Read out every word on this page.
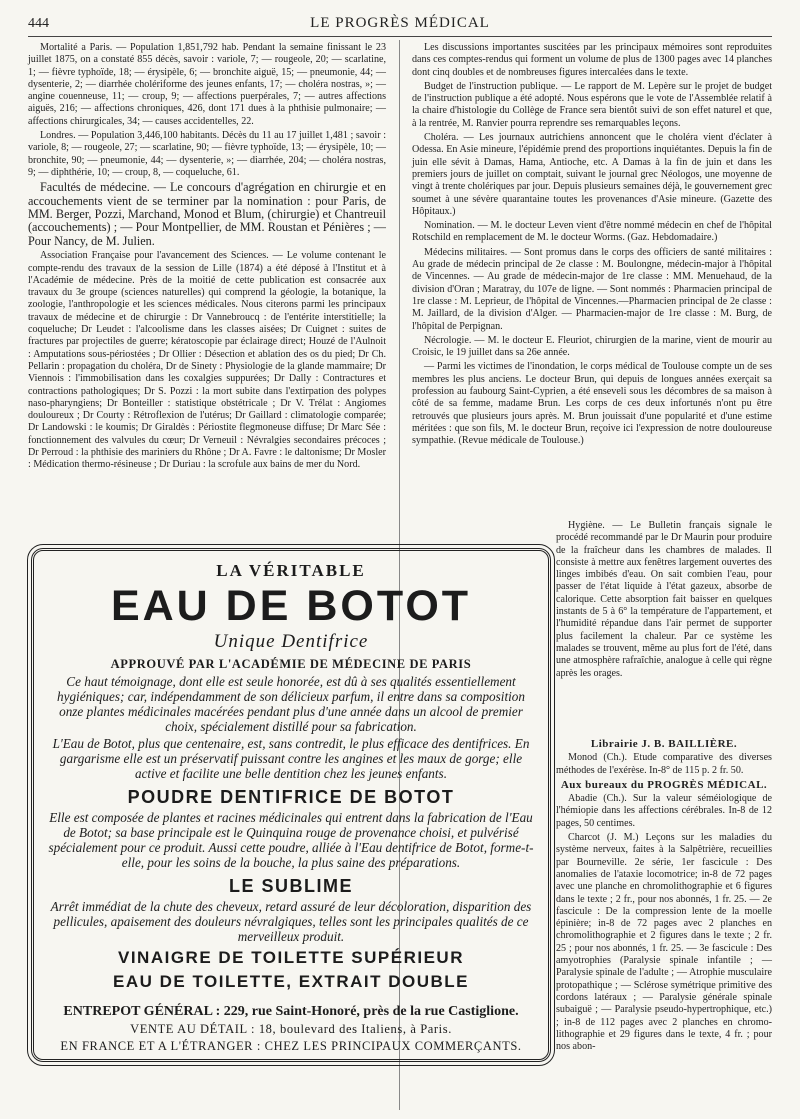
444	LE PROGRÈS MÉDICAL

Mortalité a Paris. — Population 1,851,792 hab. Pendant la semaine finissant le 23 juillet 1875, on a constaté 855 décès, savoir : variole, 7; — rougeole, 20; — scarlatine, 1; — fièvre typhoïde, 18; — érysipèle, 6; — bronchite aiguë, 15; — pneumonie, 44; — dysenterie, 2; — diarrhée cholériforme des jeunes enfants, 17; — choléra nostras, »; — angine couenneuse, 11; — croup, 9; — affections puerpérales, 7; — autres affections aiguës, 216; — affections chroniques, 426, dont 171 dues à la phthisie pulmonaire; — affections chirurgicales, 34; — causes accidentelles, 22.

Londres. — Population 3,446,100 habitants. Décès du 11 au 17 juillet 1,481 ; savoir : variole, 8; — rougeole, 27; — scarlatine, 90; — fièvre typhoïde, 13; — érysipèle, 10; — bronchite, 90; — pneumonie, 44; — dysenterie, »; — diarrhée, 204; — choléra nostras, 9; — diphthérie, 10; — croup, 8, — coqueluche, 61.

Facultés de médecine. — Le concours d'agrégation en chirurgie et en accouchements vient de se terminer par la nomination : pour Paris, de MM. Berger, Pozzi, Marchand, Monod et Blum, (chirurgie) et Chantreuil (accouchements) ; — Pour Montpellier, de MM. Roustan et Pénières ; — Pour Nancy, de M. Julien.

Association Française pour l'avancement des Sciences. — Le volume contenant le compte-rendu des travaux de la session de Lille (1874) a été déposé à l'Institut et à l'Académie de médecine. Près de la moitié de cette publication est consacrée aux travaux du 3e groupe (sciences naturelles) qui comprend la géologie, la botanique, la zoologie, l'anthropologie et les sciences médicales. Nous citerons parmi les principaux travaux de médecine et de chirurgie : Dr Vannebroucq : de l'entérite interstitielle; la coqueluche; Dr Leudet : l'alcoolisme dans les classes aisées; Dr Cuignet : suites de fractures par projectiles de guerre; kératoscopie par éclairage direct; Houzé de l'Aulnoit : Amputations sous-périostées ; Dr Ollier : Désection et ablation des os du pied; Dr Ch. Pellarin : propagation du choléra, Dr de Sinety : Physiologie de la glande mammaire; Dr Viennois : l'immobilisation dans les coxalgies suppurées; Dr Dally : Contractures et contractions pathologiques; Dr S. Pozzi : la mort subite dans l'extirpation des polypes naso-pharyngiens; Dr Bonteiller : statistique obstétricale ; Dr V. Trélat : Angiomes douloureux ; Dr Courty : Rétroflexion de l'utérus; Dr Gaillard : climatologie comparée; Dr Landowski : le koumis; Dr Giraldès : Périostite flegmoneuse diffuse; Dr Marc Sée : fonctionnement des valvules du cœur; Dr Verneuil : Névralgies secondaires précoces ; Dr Perroud : la phthisie des mariniers du Rhône ; Dr A. Favre : le daltonisme; Dr Mosler : Médication thermo-résineuse ; Dr Duriau : la scrofule aux bains de mer du Nord.

LA VÉRITABLE
EAU DE BOTOT
Unique Dentifrice
APPROUVÉ PAR L'ACADÉMIE DE MÉDECINE DE PARIS
Ce haut témoignage, dont elle est seule honorée, est dû à ses qualités essentiellement hygiéniques; car, indépendamment de son délicieux parfum, il entre dans sa composition onze plantes médicinales macérées pendant plus d'une année dans un alcool de premier choix, spécialement distillé pour sa fabrication.
L'Eau de Botot, plus que centenaire, est, sans contredit, le plus efficace des dentifrices. En gargarisme elle est un préservatif puissant contre les angines et les maux de gorge; elle active et facilite une belle dentition chez les jeunes enfants.
POUDRE DENTIFRICE DE BOTOT
Elle est composée de plantes et racines médicinales qui entrent dans la fabrication de l'Eau de Botot; sa base principale est le Quinquina rouge de provenance choisi, et pulvérisé spécialement pour ce produit. Aussi cette poudre, alliée à l'Eau dentifrice de Botot, forme-t-elle, pour les soins de la bouche, la plus saine des préparations.
LE SUBLIME
Arrêt immédiat de la chute des cheveux, retard assuré de leur décoloration, disparition des pellicules, apaisement des douleurs névralgiques, telles sont les principales qualités de ce merveilleux produit.
VINAIGRE DE TOILETTE SUPÉRIEUR
EAU DE TOILETTE, EXTRAIT DOUBLE
ENTREPOT GÉNÉRAL : 229, rue Saint-Honoré, près de la rue Castiglione.
VENTE AU DÉTAIL : 18, boulevard des Italiens, à Paris.
EN FRANCE ET A L'ÉTRANGER : CHEZ LES PRINCIPAUX COMMERÇANTS.

Les discussions importantes suscitées par les principaux mémoires sont reproduites dans ces comptes-rendus qui forment un volume de plus de 1300 pages avec 14 planches dont cinq doubles et de nombreuses figures intercalées dans le texte.

Budget de l'instruction publique. — Le rapport de M. Lepère sur le projet de budget de l'instruction publique a été adopté. Nous espérons que le vote de l'Assemblée relatif à la chaire d'histologie du Collège de France sera bientôt suivi de son effet naturel et que, à la rentrée, M. Ranvier pourra reprendre ses remarquables leçons.

Choléra. — Les journaux autrichiens annoncent que le choléra vient d'éclater à Odessa. En Asie mineure, l'épidémie prend des proportions inquiétantes. Depuis la fin de juin elle sévit à Damas, Hama, Antioche, etc. A Damas à la fin de juin et dans les premiers jours de juillet on comptait, suivant le journal grec Néologos, une moyenne de vingt à trente cholériques par jour. Depuis plusieurs semaines déjà, le gouvernement grec soumet à une sévère quarantaine toutes les provenances d'Asie mineure. (Gazette des Hôpitaux.)

Nomination. — M. le docteur Leven vient d'être nommé médecin en chef de l'hôpital Rotschild en remplacement de M. le docteur Worms. (Gaz. Hebdomadaire.)

Médecins militaires. — Sont promus dans le corps des officiers de santé militaires : Au grade de médecin principal de 2e classe : M. Boulongne, médecin-major à l'hôpital de Vincennes. — Au grade de médecin-major de 1re classe : MM. Menuehaud, de la division d'Oran ; Maratray, du 107e de ligne. — Sont nommés : Pharmacien principal de 1re classe : M. Leprieur, de l'hôpital de Vincennes.—Pharmacien principal de 2e classe : M. Jaillard, de la division d'Alger. — Pharmacien-major de 1re classe : M. Burg, de l'hôpital de Perpignan.

Nécrologie. — M. le docteur E. Fleuriot, chirurgien de la marine, vient de mourir au Croisic, le 19 juillet dans sa 26e année.

— Parmi les victimes de l'inondation, le corps médical de Toulouse compte un de ses membres les plus anciens. Le docteur Brun, qui depuis de longues années exerçait sa profession au faubourg Saint-Cyprien, a été enseveli sous les décombres de sa maison à côté de sa femme, madame Brun. Les corps de ces deux infortunés n'ont pu être retrouvés que plusieurs jours après. M. Brun jouissait d'une popularité et d'une estime méritées : que son fils, M. le docteur Brun, reçoive ici l'expression de notre douloureuse sympathie. (Revue médicale de Toulouse.)

Hygiène. — Le Bulletin français signale le procédé recommandé par le Dr Maurin pour produire de la fraîcheur dans les chambres de malades. Il consiste à mettre aux fenêtres largement ouvertes des linges imbibés d'eau. On sait combien l'eau, pour passer de l'état liquide à l'état gazeux, absorbe de calorique. Cette absorption fait baisser en quelques instants de 5 à 6° la température de l'appartement, et l'humidité répandue dans l'air permet de supporter plus facilement la chaleur. Par ce système les malades se trouvent, même au plus fort de l'été, dans une atmosphère rafraîchie, analogue à celle qui règne après les orages.

Librairie J. B. BAILLIÈRE.

Monod (Ch.). Etude comparative des diverses méthodes de l'exérèse. In-8° de 115 p. 2 fr. 50.

Aux bureaux du PROGRÈS MÉDICAL.

Abadie (Ch.). Sur la valeur séméiologique de l'hémiopie dans les affections cérébrales. In-8 de 12 pages, 50 centimes.

Charcot (J. M.) Leçons sur les maladies du système nerveux, faites à la Salpêtrière, recueillies par Bourneville. 2e série, 1er fascicule : Des anomalies de l'ataxie locomotrice; in-8 de 72 pages avec une planche en chromolithographie et 6 figures dans le texte ; 2 fr., pour nos abonnés, 1 fr. 25. — 2e fascicule : De la compression lente de la moelle épinière; in-8 de 72 pages avec 2 planches en chromolithographie et 2 figures dans le texte ; 2 fr. 25 ; pour nos abonnés, 1 fr. 25. — 3e fascicule : Des amyotrophies (Paralysie spinale infantile ; — Paralysie spinale de l'adulte ; — Atrophie musculaire protopathique ; — Sclérose symétrique primitive des cordons latéraux ; — Paralysie générale spinale subaiguë ; — Paralysie pseudo-hypertrophique, etc.) ; in-8 de 112 pages avec 2 planches en chromo-lithographie et 29 figures dans le texte, 4 fr. ; pour nos abon-
